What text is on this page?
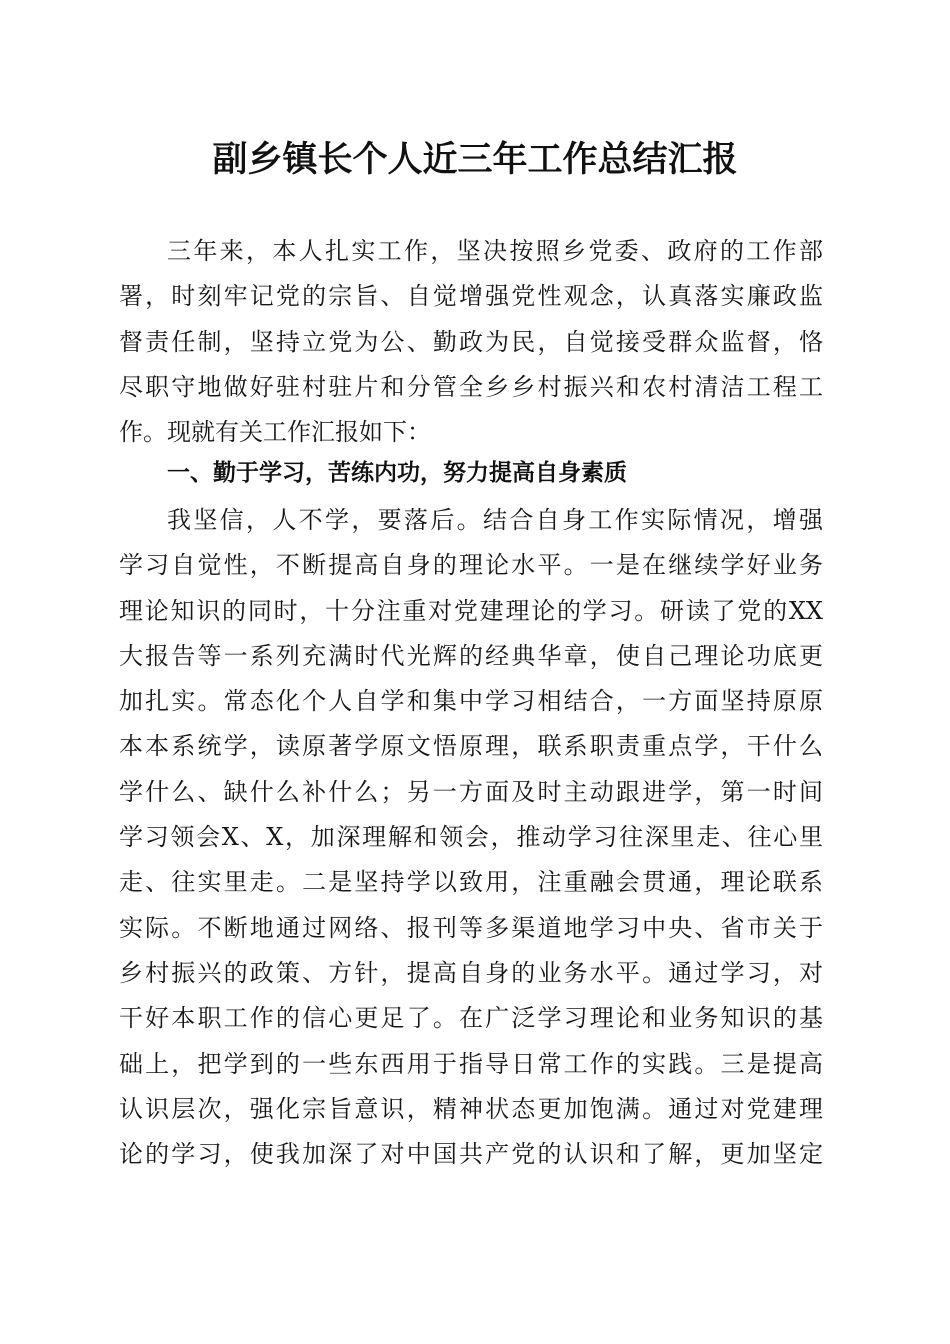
副乡镇长个人近三年工作总结汇报
三年来，本人扎实工作，坚决按照乡党委、政府的工作部
署，时刻牢记党的宗旨、自觉增强党性观念，认真落实廉政监
督责任制，坚持立党为公、勤政为民，自觉接受群众监督，恪
尽职守地做好驻村驻片和分管全乡乡村振兴和农村清洁工程工
作。现就有关工作汇报如下：
一、勤于学习，苦练内功，努力提高自身素质
我坚信，人不学，要落后。结合自身工作实际情况，增强
学习自觉性，不断提高自身的理论水平。一是在继续学好业务
理论知识的同时，十分注重对党建理论的学习。研读了党的XX
大报告等一系列充满时代光辉的经典华章，使自己理论功底更
加扎实。常态化个人自学和集中学习相结合，一方面坚持原原
本本系统学，读原著学原文悟原理，联系职责重点学，干什么
学什么、缺什么补什么；另一方面及时主动跟进学，第一时间
学习领会X、X，加深理解和领会，推动学习往深里走、往心里
走、往实里走。二是坚持学以致用，注重融会贯通，理论联系
实际。不断地通过网络、报刊等多渠道地学习中央、省市关于
乡村振兴的政策、方针，提高自身的业务水平。通过学习，对
干好本职工作的信心更足了。在广泛学习理论和业务知识的基
础上，把学到的一些东西用于指导日常工作的实践。三是提高
认识层次，强化宗旨意识，精神状态更加饱满。通过对党建理
论的学习，使我加深了对中国共产党的认识和了解，更加坚定
